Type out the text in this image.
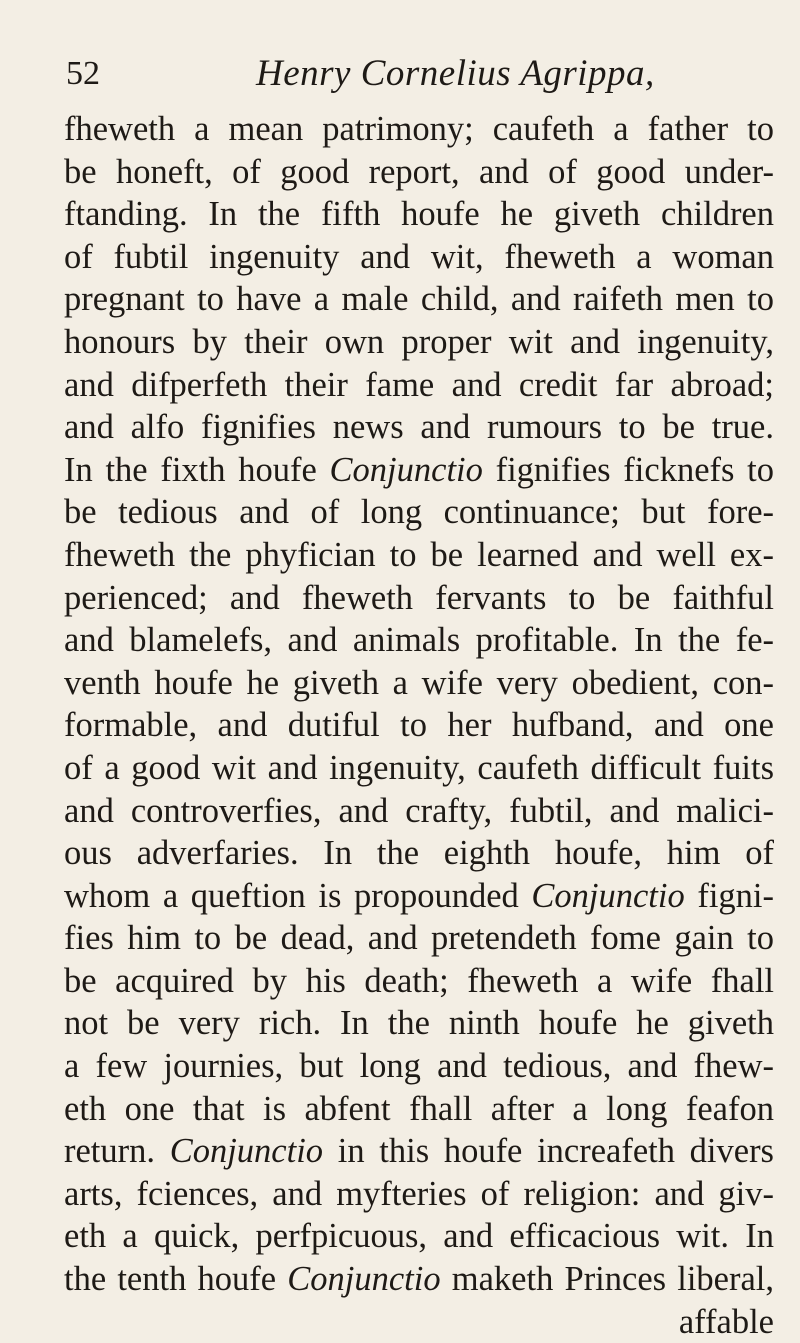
52	Henry Cornelius Agrippa,
fheweth a mean patrimony; caufeth a father to
be honeft, of good report, and of good under-
ftanding. In the fifth houfe he giveth children
of fubtil ingenuity and wit, fheweth a woman
pregnant to have a male child, and raifeth men to
honours by their own proper wit and ingenuity,
and difperfeth their fame and credit far abroad;
and alfo fignifies news and rumours to be true.
In the fixth houfe Conjunctio fignifies ficknefs to
be tedious and of long continuance; but fore-
fheweth the phyfician to be learned and well ex-
perienced; and fheweth fervants to be faithful
and blamelefs, and animals profitable. In the fe-
venth houfe he giveth a wife very obedient, con-
formable, and dutiful to her hufband, and one
of a good wit and ingenuity, caufeth difficult fuits
and controverfies, and crafty, fubtil, and malici-
ous adverfaries. In the eighth houfe, him of
whom a queftion is propounded Conjunctio figni-
fies him to be dead, and pretendeth fome gain to
be acquired by his death; fheweth a wife fhall
not be very rich. In the ninth houfe he giveth
a few journies, but long and tedious, and fhew-
eth one that is abfent fhall after a long feafon
return. Conjunctio in this houfe increafeth divers
arts, fciences, and myfteries of religion: and giv-
eth a quick, perfpicuous, and efficacious wit. In
the tenth houfe Conjunctio maketh Princes liberal,
affable
